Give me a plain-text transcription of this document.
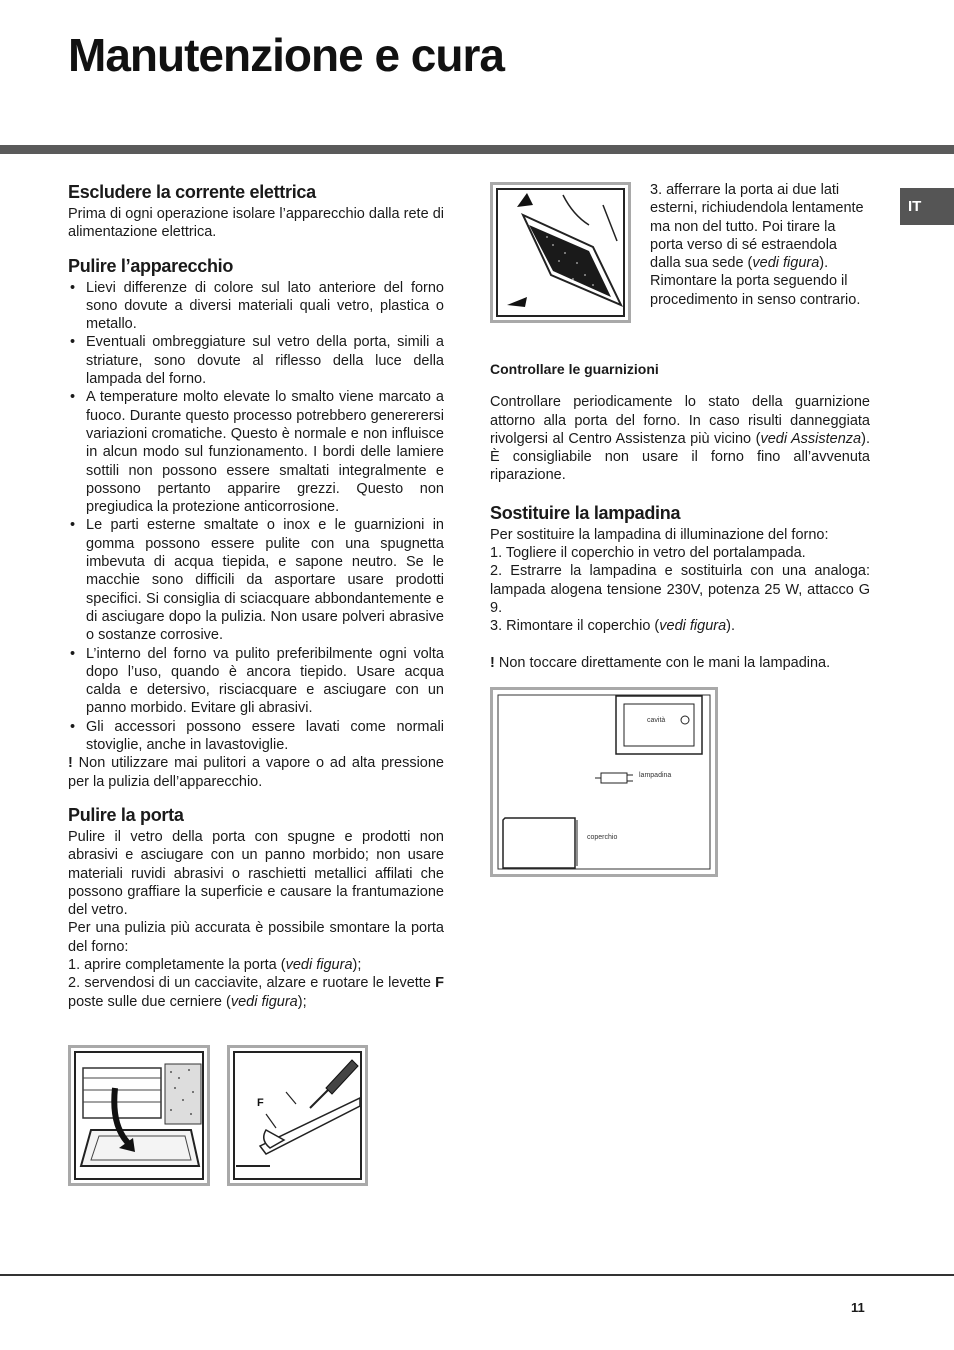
Manutenzione e cura
IT
Escludere la corrente elettrica

Prima di ogni operazione isolare l’apparecchio dalla rete di alimentazione elettrica.

Pulire l’apparecchio
• Lievi differenze di colore sul lato anteriore del forno sono dovute a diversi materiali quali vetro, plastica o metallo.
• Eventuali ombreggiature sul vetro della porta, simili a striature, sono dovute al riflesso della luce della lampada del forno.
• A temperature molto elevate lo smalto viene marcato a fuoco. Durante questo processo potrebbero genererersi variazioni cromatiche. Questo è normale e non influisce in alcun modo sul funzionamento. I bordi delle lamiere sottili non possono essere smaltati integralmente e possono pertanto apparire grezzi. Questo non pregiudica la protezione anticorrosione.
• Le parti esterne smaltate o inox e le guarnizioni in gomma possono essere pulite con una spugnetta imbevuta di acqua tiepida, e sapone neutro. Se le macchie sono difficili da asportare usare prodotti specifici. Si consiglia di sciacquare abbondantemente e di asciugare dopo la pulizia. Non usare polveri abrasive o sostanze corrosive.
• L’interno del forno va pulito preferibilmente ogni volta dopo l’uso, quando è ancora tiepido. Usare acqua calda e detersivo, risciacquare e asciugare con un panno morbido. Evitare gli abrasivi.
• Gli accessori possono essere lavati come normali stoviglie, anche in lavastoviglie.

! Non utilizzare mai pulitori a vapore o ad alta pressione per la pulizia dell’apparecchio.

Pulire la porta

Pulire il vetro della porta con spugne e prodotti non abrasivi e asciugare con un panno morbido; non usare materiali ruvidi abrasivi o raschietti metallici affilati che possono graffiare la superficie e causare la frantumazione del vetro.

Per una pulizia più accurata è possibile smontare la porta del forno:

1. aprire completamente la porta (vedi figura);

2. servendosi di un cacciavite, alzare e ruotare le levette F poste sulle due cerniere (vedi figura);

F
3. afferrare la porta ai due lati esterni, richiudendola lentamente ma non del tutto. Poi tirare la porta verso di sé estraendola dalla sua sede (vedi figura). Rimontare la porta seguendo il procedimento in senso contrario.

Controllare le guarnizioni

Controllare periodicamente lo stato della guarnizione attorno alla porta del forno. In caso risulti danneggiata rivolgersi al Centro Assistenza più vicino (vedi Assistenza). È consigliabile non usare il forno fino all’avvenuta riparazione.

Sostituire la lampadina

Per sostituire la lampadina di illuminazione del forno:

1. Togliere il coperchio in vetro del portalampada.

2. Estrarre la lampadina e sostituirla con una analoga: lampada alogena tensione 230V, potenza 25 W, attacco G 9.

3. Rimontare il coperchio (vedi figura).

! Non toccare direttamente con le mani la lampadina.

cavità
lampadina
coperchio
11
